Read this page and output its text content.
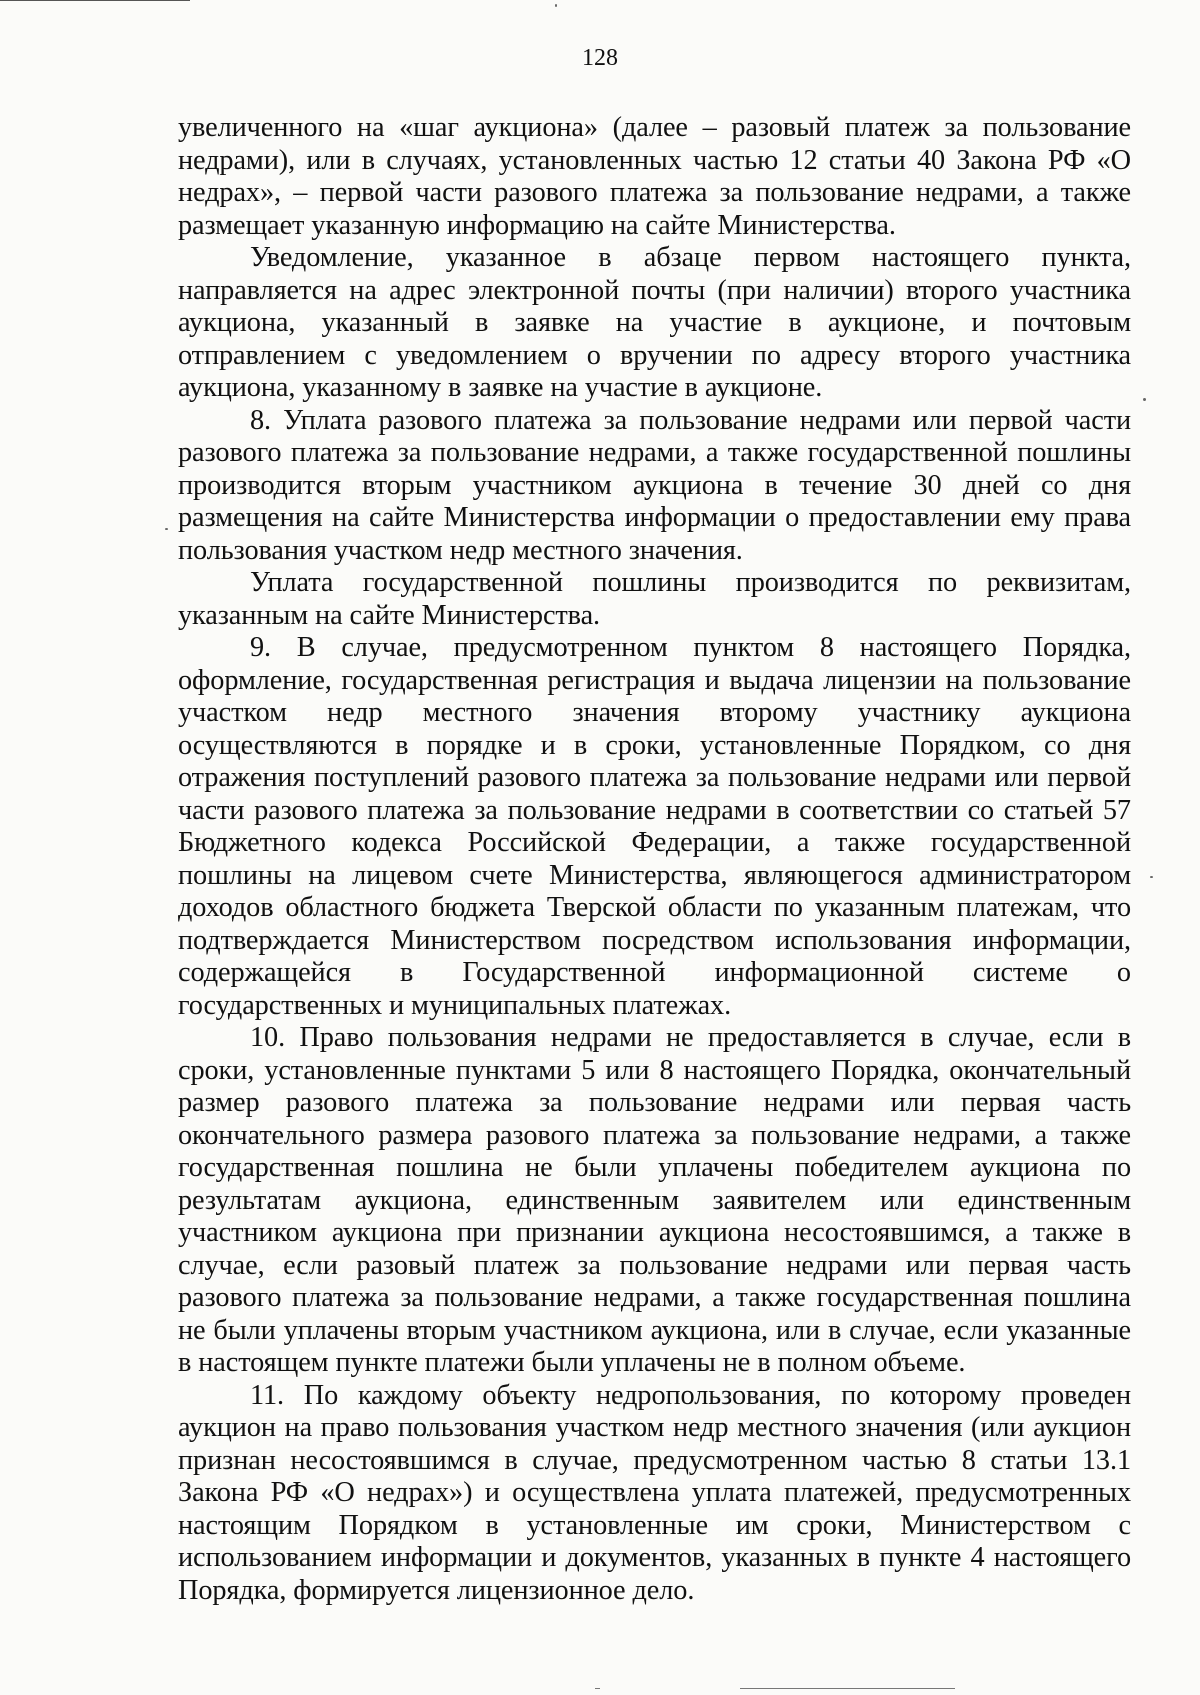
128

увеличенного на «шаг аукциона» (далее – разовый платеж за пользование недрами), или в случаях, установленных частью 12 статьи 40 Закона РФ «О недрах», – первой части разового платежа за пользование недрами, а также размещает указанную информацию на сайте Министерства.

Уведомление, указанное в абзаце первом настоящего пункта, направляется на адрес электронной почты (при наличии) второго участника аукциона, указанный в заявке на участие в аукционе, и почтовым отправлением с уведомлением о вручении по адресу второго участника аукциона, указанному в заявке на участие в аукционе.

8. Уплата разового платежа за пользование недрами или первой части разового платежа за пользование недрами, а также государственной пошлины производится вторым участником аукциона в течение 30 дней со дня размещения на сайте Министерства информации о предоставлении ему права пользования участком недр местного значения.

Уплата государственной пошлины производится по реквизитам, указанным на сайте Министерства.

9. В случае, предусмотренном пунктом 8 настоящего Порядка, оформление, государственная регистрация и выдача лицензии на пользование участком недр местного значения второму участнику аукциона осуществляются в порядке и в сроки, установленные Порядком, со дня отражения поступлений разового платежа за пользование недрами или первой части разового платежа за пользование недрами в соответствии со статьей 57 Бюджетного кодекса Российской Федерации, а также государственной пошлины на лицевом счете Министерства, являющегося администратором доходов областного бюджета Тверской области по указанным платежам, что подтверждается Министерством посредством использования информации, содержащейся в Государственной информационной системе о государственных и муниципальных платежах.

10. Право пользования недрами не предоставляется в случае, если в сроки, установленные пунктами 5 или 8 настоящего Порядка, окончательный размер разового платежа за пользование недрами или первая часть окончательного размера разового платежа за пользование недрами, а также государственная пошлина не были уплачены победителем аукциона по результатам аукциона, единственным заявителем или единственным участником аукциона при признании аукциона несостоявшимся, а также в случае, если разовый платеж за пользование недрами или первая часть разового платежа за пользование недрами, а также государственная пошлина не были уплачены вторым участником аукциона, или в случае, если указанные в настоящем пункте платежи были уплачены не в полном объеме.

11. По каждому объекту недропользования, по которому проведен аукцион на право пользования участком недр местного значения (или аукцион признан несостоявшимся в случае, предусмотренном частью 8 статьи 13.1 Закона РФ «О недрах») и осуществлена уплата платежей, предусмотренных настоящим Порядком в установленные им сроки, Министерством с использованием информации и документов, указанных в пункте 4 настоящего Порядка, формируется лицензионное дело.
